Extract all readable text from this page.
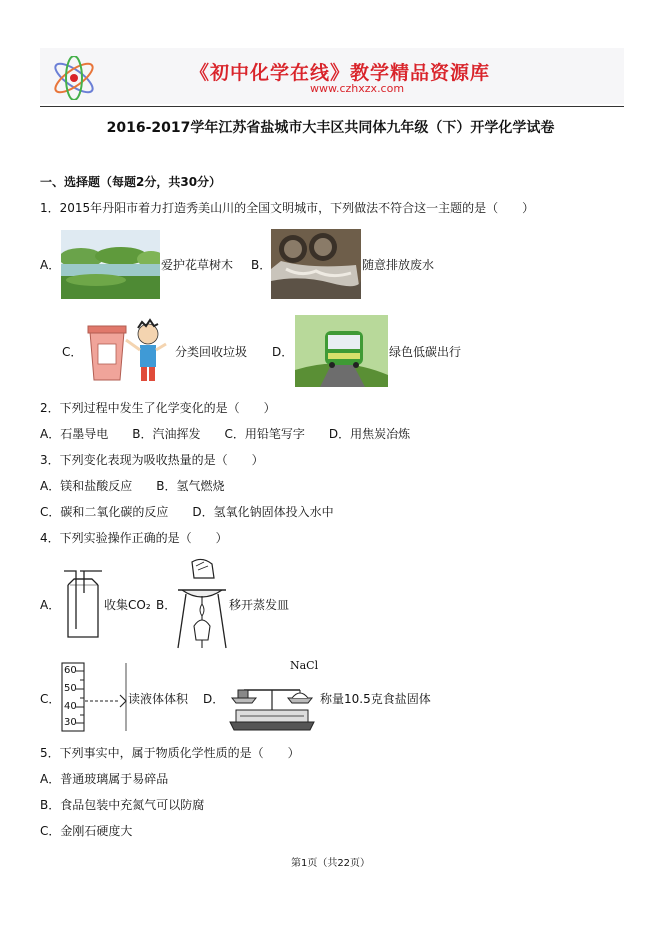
《初中化学在线》教学精品资源库
www.czhxzx.com
2016-2017学年江苏省盐城市大丰区共同体九年级（下）开学化学试卷
一、选择题（每题2分，共30分）
1．2015年丹阳市着力打造秀美山川的全国文明城市，下列做法不符合这一主题的是（　　）
A．	爱护花草树木 B．	随意排放废水
C．	分类回收垃圾 D．	绿色低碳出行
2．下列过程中发生了化学变化的是（　　）
A．石墨导电　　B．汽油挥发　　C．用铅笔写字　　D．用焦炭冶炼
3．下列变化表现为吸收热量的是（　　）
A．镁和盐酸反应　　B．氢气燃烧
C．碳和二氧化碳的反应　　D．氢氧化钠固体投入水中
4．下列实验操作正确的是（　　）
A．	收集CO₂ B．	移开蒸发皿
C．
60
50
40
30
读液体体积 D．
NaCl
称量10.5克食盐固体
5．下列事实中，属于物质化学性质的是（　　）
A．普通玻璃属于易碎品
B．食品包装中充氮气可以防腐
C．金刚石硬度大
第1页（共22页）
